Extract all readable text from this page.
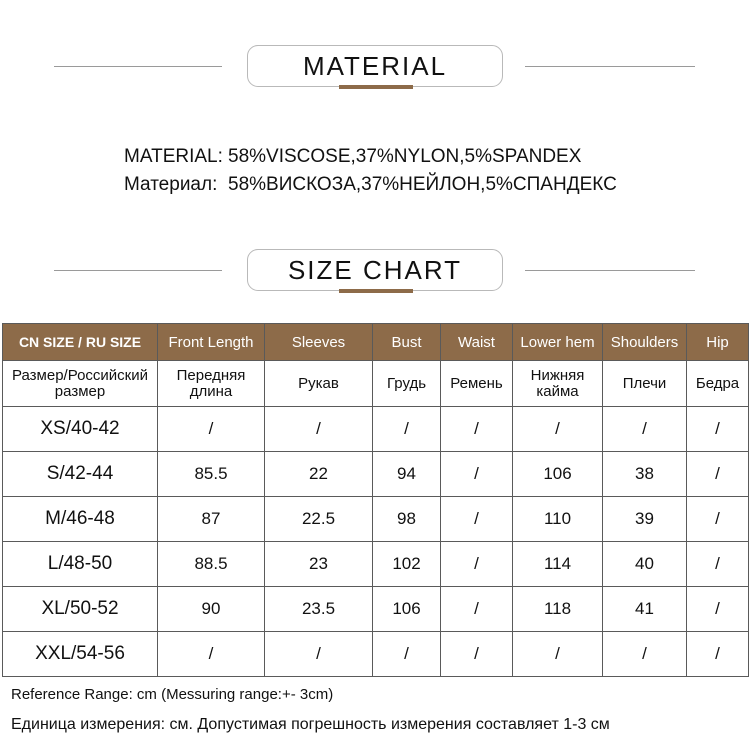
MATERIAL
MATERIAL: 58%VISCOSE,37%NYLON,5%SPANDEX
Материал: 58%ВИСКОЗА,37%НЕЙЛОН,5%СПАНДЕКС
SIZE CHART
CN SIZE / RU SIZE	Front Length	Sleeves	Bust	Waist	Lower hem	Shoulders	Hip
Размер/Российский размер	Передняя длина	Рукав	Грудь	Ремень	Нижняя кайма	Плечи	Бедра
XS/40-42	/	/	/	/	/	/	/
S/42-44	85.5	22	94	/	106	38	/
M/46-48	87	22.5	98	/	110	39	/
L/48-50	88.5	23	102	/	114	40	/
XL/50-52	90	23.5	106	/	118	41	/
XXL/54-56	/	/	/	/	/	/	/
Reference Range: cm (Messuring range:+- 3cm)
Единица измерения: см. Допустимая погрешность измерения составляет 1-3 см
